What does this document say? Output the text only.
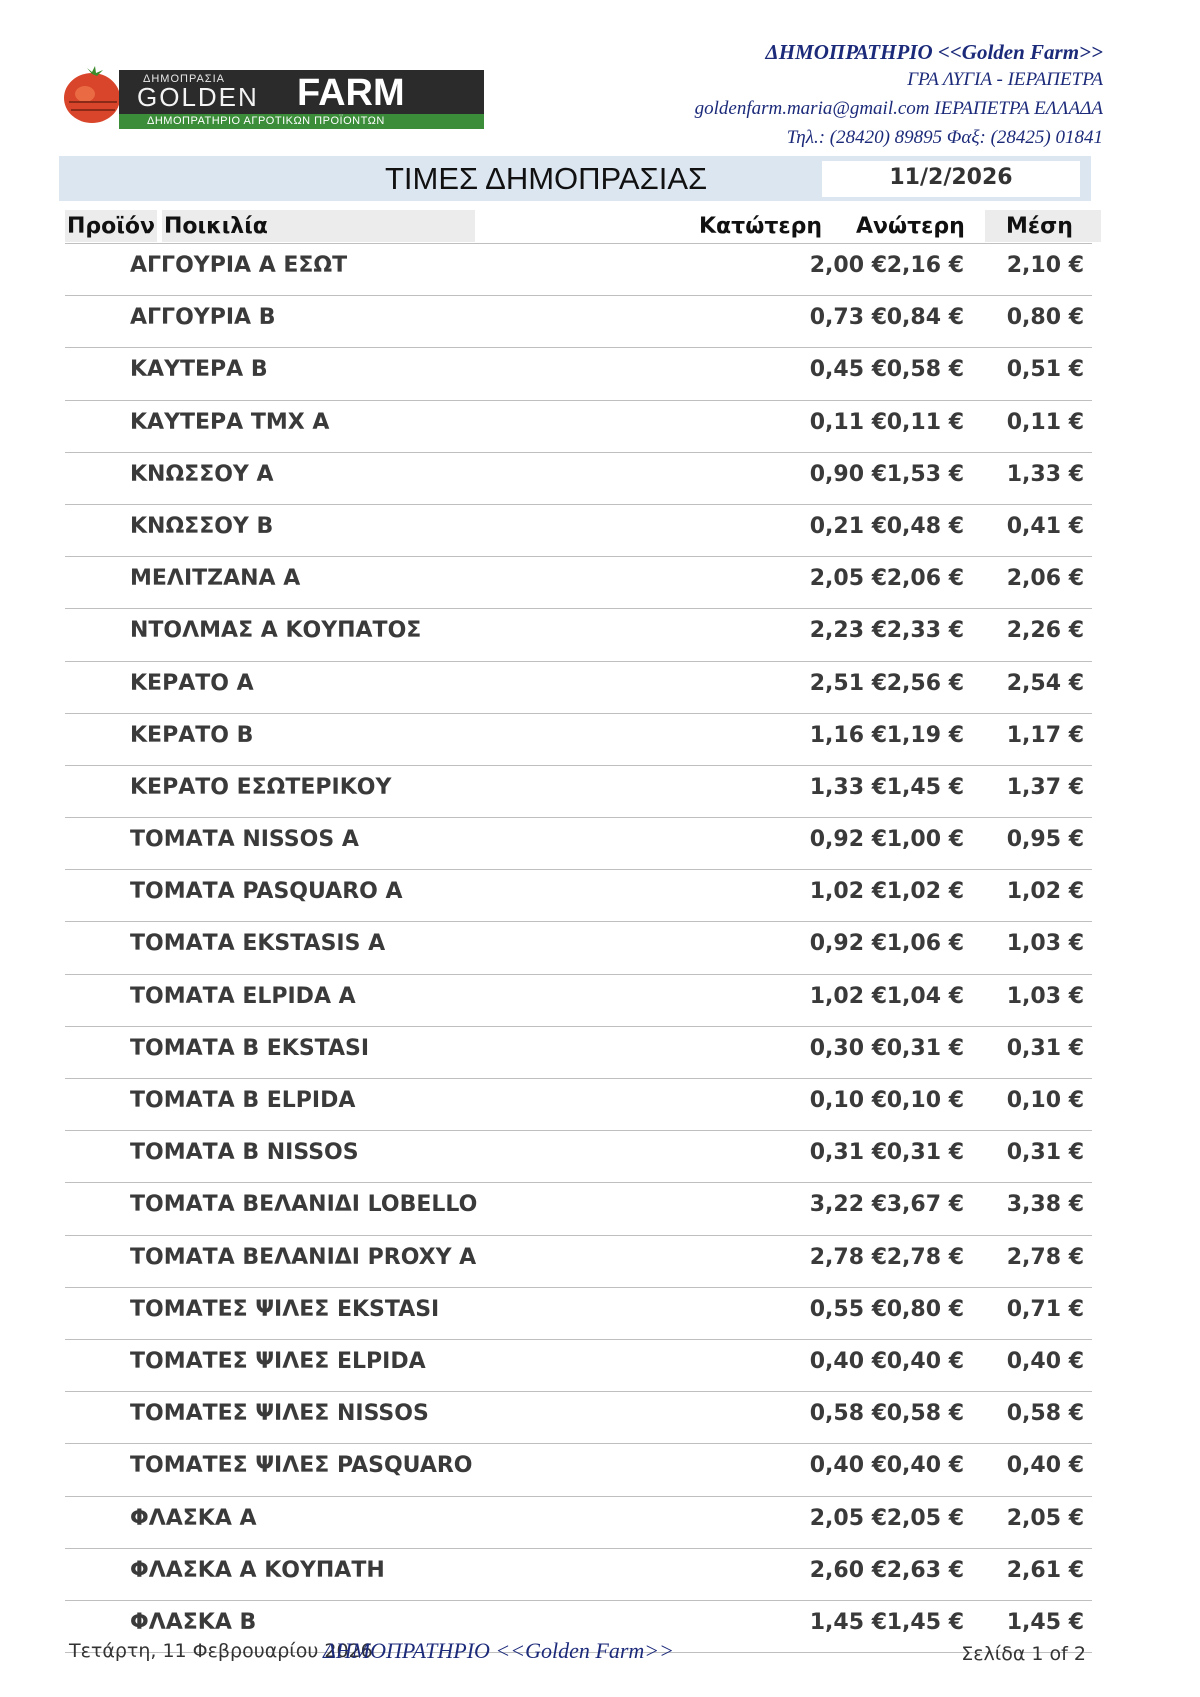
ΔΗΜΟΠΡΑΣΙΑ
GOLDEN FARM
ΔΗΜΟΠΡΑΤΗΡΙΟ ΑΓΡΟΤΙΚΩΝ ΠΡΟΪΟΝΤΩΝ
ΔΗΜΟΠΡΑΤΗΡΙΟ <<Golden Farm>>
ΓΡΑ ΛΥΓΙΑ - ΙΕΡΑΠΕΤΡΑ
goldenfarm.maria@gmail.com ΙΕΡΑΠΕΤΡΑ ΕΛΛΑΔΑ
Τηλ.: (28420) 89895 Φαξ: (28425) 01841
ΤΙΜΕΣ ΔΗΜΟΠΡΑΣΙΑΣ	11/2/2026
Προϊόν Ποικιλία	Κατώτερη Ανώτερη Μέση
ΑΓΓΟΥΡΙΑ Α ΕΣΩΤ	2,00 € 2,16 €	2,10 €
ΑΓΓΟΥΡΙΑ Β	0,73 € 0,84 €	0,80 €
ΚΑΥΤΕΡΑ Β	0,45 € 0,58 €	0,51 €
ΚΑΥΤΕΡΑ ΤΜΧ Α	0,11 € 0,11 €	0,11 €
ΚΝΩΣΣΟΥ Α	0,90 € 1,53 €	1,33 €
ΚΝΩΣΣΟΥ Β	0,21 € 0,48 €	0,41 €
ΜΕΛΙΤΖΑΝΑ Α	2,05 € 2,06 €	2,06 €
ΝΤΟΛΜΑΣ Α ΚΟΥΠΑΤΟΣ	2,23 € 2,33 €	2,26 €
ΚΕΡΑΤΟ Α	2,51 € 2,56 €	2,54 €
ΚΕΡΑΤΟ Β	1,16 € 1,19 €	1,17 €
ΚΕΡΑΤΟ ΕΣΩΤΕΡΙΚΟΥ	1,33 € 1,45 €	1,37 €
ΤΟΜΑΤΑ NISSOS A	0,92 € 1,00 €	0,95 €
ΤΟΜΑΤΑ PASQUARO A	1,02 € 1,02 €	1,02 €
ΤΟΜΑΤΑ EKSTASIS A	0,92 € 1,06 €	1,03 €
ΤΟΜΑΤΑ ELPIDA A	1,02 € 1,04 €	1,03 €
ΤΟΜΑΤΑ Β EKSTASI	0,30 € 0,31 €	0,31 €
ΤΟΜΑΤΑ Β ELPIDA	0,10 € 0,10 €	0,10 €
ΤΟΜΑΤΑ Β NISSOS	0,31 € 0,31 €	0,31 €
ΤΟΜΑΤΑ ΒΕΛΑΝΙΔΙ LOBELLO	3,22 € 3,67 €	3,38 €
ΤΟΜΑΤΑ ΒΕΛΑΝΙΔΙ PROXY A	2,78 € 2,78 €	2,78 €
ΤΟΜΑΤΕΣ ΨΙΛΕΣ EKSTASI	0,55 € 0,80 €	0,71 €
ΤΟΜΑΤΕΣ ΨΙΛΕΣ ELPIDA	0,40 € 0,40 €	0,40 €
ΤΟΜΑΤΕΣ ΨΙΛΕΣ NISSOS	0,58 € 0,58 €	0,58 €
ΤΟΜΑΤΕΣ ΨΙΛΕΣ PASQUARO	0,40 € 0,40 €	0,40 €
ΦΛΑΣΚΑ Α	2,05 € 2,05 €	2,05 €
ΦΛΑΣΚΑ Α ΚΟΥΠΑΤΗ	2,60 € 2,63 €	2,61 €
ΦΛΑΣΚΑ Β	1,45 € 1,45 €	1,45 €
Τετάρτη, 11 Φεβρουαρίου 2026
ΔΗΜΟΠΡΑΤΗΡΙΟ <<Golden Farm>>	Σελίδα 1 of 2
